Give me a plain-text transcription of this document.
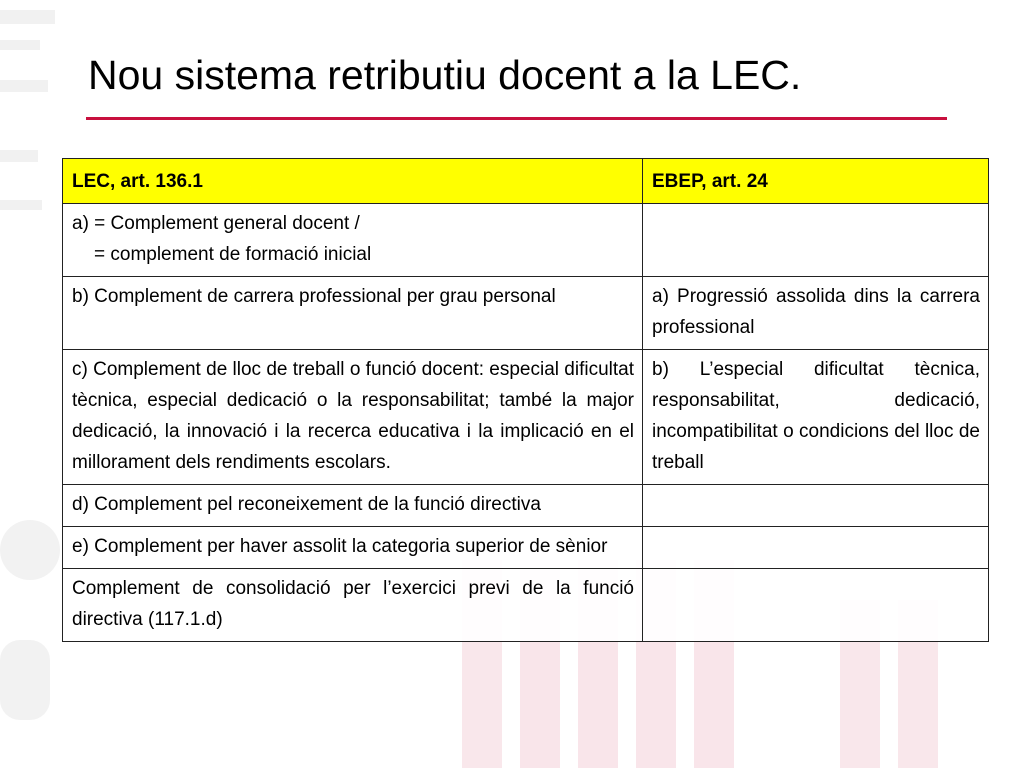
Nou sistema retributiu docent a la LEC.
LEC, art. 136.1	EBEP, art. 24

a) = Complement general docent /
= complement de formació inicial	

b) Complement de carrera professional per grau personal	a) Progressió assolida dins la carrera professional
c) Complement de lloc de treball o funció docent: especial dificultat tècnica, especial dedicació o la responsabilitat; també la major dedicació, la innovació i la recerca educativa i la implicació en el millorament dels rendiments escolars.	b) L’especial dificultat tècnica, responsabilitat, dedicació, incompatibilitat o condicions del lloc de treball
d) Complement pel reconeixement de la funció directiva	
e) Complement per haver assolit la categoria superior de sènior	
Complement de consolidació per l’exercici previ de la funció directiva (117.1.d)	
